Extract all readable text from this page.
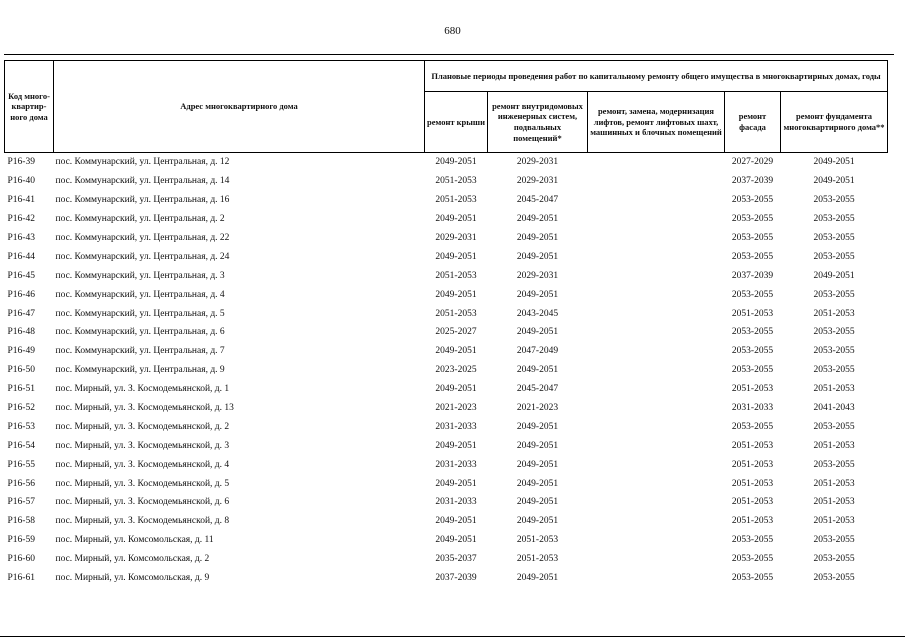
680
Код много-квартир-ного дома	Адрес многоквартирного дома	Плановые периоды проведения работ по капитальному ремонту общего имущества в многоквартирных домах, годы				
		ремонт крыши	ремонт внутридомовых инженерных систем, подвальных помещений*	ремонт, замена, модернизация лифтов, ремонт лифтовых шахт, машинных и блочных помещений	ремонт фасада	ремонт фундамента многоквартирного дома**
P16-39	пос. Коммунарский, ул. Центральная, д. 12	2049-2051	2029-2031		2027-2029	2049-2051
P16-40	пос. Коммунарский, ул. Центральная, д. 14	2051-2053	2029-2031		2037-2039	2049-2051
P16-41	пос. Коммунарский, ул. Центральная, д. 16	2051-2053	2045-2047		2053-2055	2053-2055
P16-42	пос. Коммунарский, ул. Центральная, д. 2	2049-2051	2049-2051		2053-2055	2053-2055
P16-43	пос. Коммунарский, ул. Центральная, д. 22	2029-2031	2049-2051		2053-2055	2053-2055
P16-44	пос. Коммунарский, ул. Центральная, д. 24	2049-2051	2049-2051		2053-2055	2053-2055
P16-45	пос. Коммунарский, ул. Центральная, д. 3	2051-2053	2029-2031		2037-2039	2049-2051
P16-46	пос. Коммунарский, ул. Центральная, д. 4	2049-2051	2049-2051		2053-2055	2053-2055
P16-47	пос. Коммунарский, ул. Центральная, д. 5	2051-2053	2043-2045		2051-2053	2051-2053
P16-48	пос. Коммунарский, ул. Центральная, д. 6	2025-2027	2049-2051		2053-2055	2053-2055
P16-49	пос. Коммунарский, ул. Центральная, д. 7	2049-2051	2047-2049		2053-2055	2053-2055
P16-50	пос. Коммунарский, ул. Центральная, д. 9	2023-2025	2049-2051		2053-2055	2053-2055
P16-51	пос. Мирный, ул. З. Космодемьянской, д. 1	2049-2051	2045-2047		2051-2053	2051-2053
P16-52	пос. Мирный, ул. З. Космодемьянской, д. 13	2021-2023	2021-2023		2031-2033	2041-2043
P16-53	пос. Мирный, ул. З. Космодемьянской, д. 2	2031-2033	2049-2051		2053-2055	2053-2055
P16-54	пос. Мирный, ул. З. Космодемьянской, д. 3	2049-2051	2049-2051		2051-2053	2051-2053
P16-55	пос. Мирный, ул. З. Космодемьянской, д. 4	2031-2033	2049-2051		2051-2053	2053-2055
P16-56	пос. Мирный, ул. З. Космодемьянской, д. 5	2049-2051	2049-2051		2051-2053	2051-2053
P16-57	пос. Мирный, ул. З. Космодемьянской, д. 6	2031-2033	2049-2051		2051-2053	2051-2053
P16-58	пос. Мирный, ул. З. Космодемьянской, д. 8	2049-2051	2049-2051		2051-2053	2051-2053
P16-59	пос. Мирный, ул. Комсомольская, д. 11	2049-2051	2051-2053		2053-2055	2053-2055
P16-60	пос. Мирный, ул. Комсомольская, д. 2	2035-2037	2051-2053		2053-2055	2053-2055
P16-61	пос. Мирный, ул. Комсомольская, д. 9	2037-2039	2049-2051		2053-2055	2053-2055
